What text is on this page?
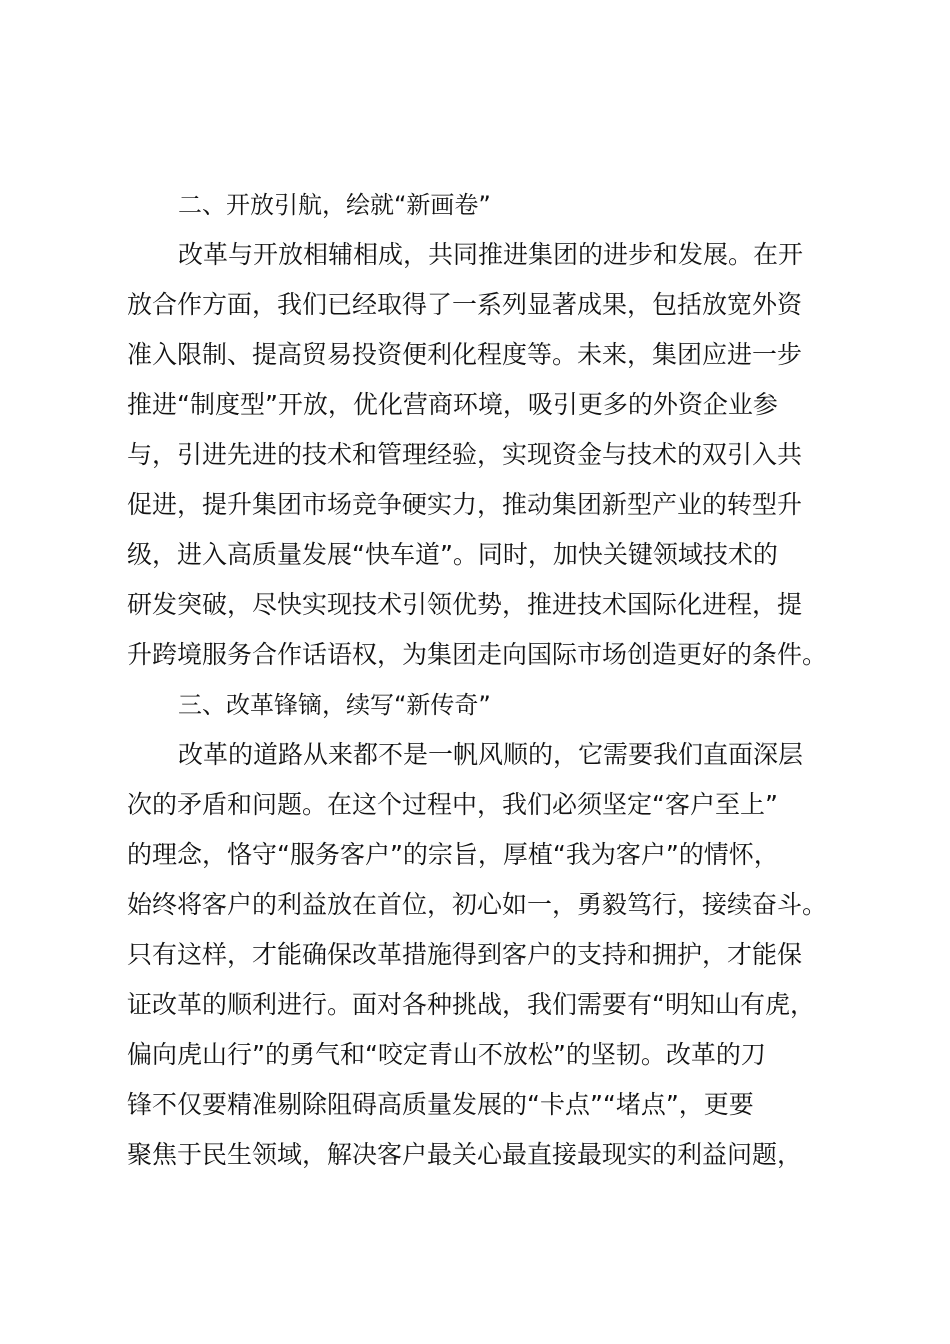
二、开放引航，绘就“新画卷”

改革与开放相辅相成，共同推进集团的进步和发展。在开

放合作方面，我们已经取得了一系列显著成果，包括放宽外资

准入限制、提高贸易投资便利化程度等。未来，集团应进一步

推进“制度型”开放，优化营商环境，吸引更多的外资企业参

与，引进先进的技术和管理经验，实现资金与技术的双引入共

促进，提升集团市场竞争硬实力，推动集团新型产业的转型升

级，进入高质量发展“快车道”。同时，加快关键领域技术的

研发突破，尽快实现技术引领优势，推进技术国际化进程，提

升跨境服务合作话语权，为集团走向国际市场创造更好的条件。

三、改革锋镝，续写“新传奇”

改革的道路从来都不是一帆风顺的，它需要我们直面深层

次的矛盾和问题。在这个过程中，我们必须坚定“客户至上”

的理念，恪守“服务客户”的宗旨，厚植“我为客户”的情怀，

始终将客户的利益放在首位，初心如一，勇毅笃行，接续奋斗。

只有这样，才能确保改革措施得到客户的支持和拥护，才能保

证改革的顺利进行。面对各种挑战，我们需要有“明知山有虎，

偏向虎山行”的勇气和“咬定青山不放松”的坚韧。改革的刀

锋不仅要精准剔除阻碍高质量发展的“卡点”“堵点”，更要

聚焦于民生领域，解决客户最关心最直接最现实的利益问题，
